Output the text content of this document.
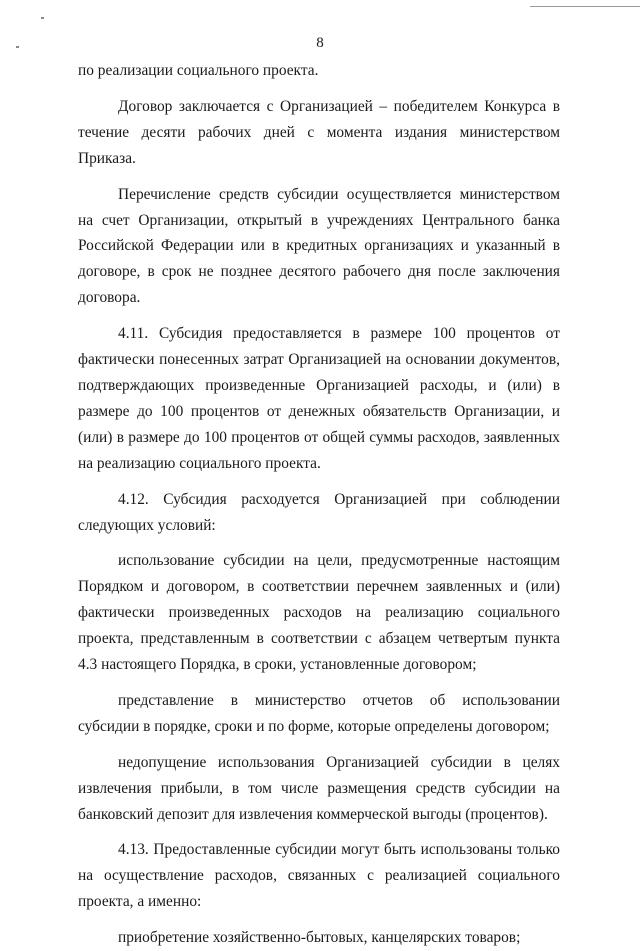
8

по реализации социального проекта.

Договор заключается с Организацией – победителем Конкурса в течение десяти рабочих дней с момента издания министерством Приказа.

Перечисление средств субсидии осуществляется министерством на счет Организации, открытый в учреждениях Центрального банка Российской Федерации или в кредитных организациях и указанный в договоре, в срок не позднее десятого рабочего дня после заключения договора.

4.11. Субсидия предоставляется в размере 100 процентов от фактически понесенных затрат Организацией на основании документов, подтверждающих произведенные Организацией расходы, и (или) в размере до 100 процентов от денежных обязательств Организации, и (или) в размере до 100 процентов от общей суммы расходов, заявленных на реализацию социального проекта.

4.12. Субсидия расходуется Организацией при соблюдении следующих условий:

использование субсидии на цели, предусмотренные настоящим Порядком и договором, в соответствии перечнем заявленных и (или) фактически произведенных расходов на реализацию социального проекта, представленным в соответствии с абзацем четвертым пункта 4.3 настоящего Порядка, в сроки, установленные договором;

представление в министерство отчетов об использовании субсидии в порядке, сроки и по форме, которые определены договором;

недопущение использования Организацией субсидии в целях извлечения прибыли, в том числе размещения средств субсидии на банковский депозит для извлечения коммерческой выгоды (процентов).

4.13. Предоставленные субсидии могут быть использованы только на осуществление расходов, связанных с реализацией социального проекта, а именно:

приобретение хозяйственно-бытовых, канцелярских товаров;
